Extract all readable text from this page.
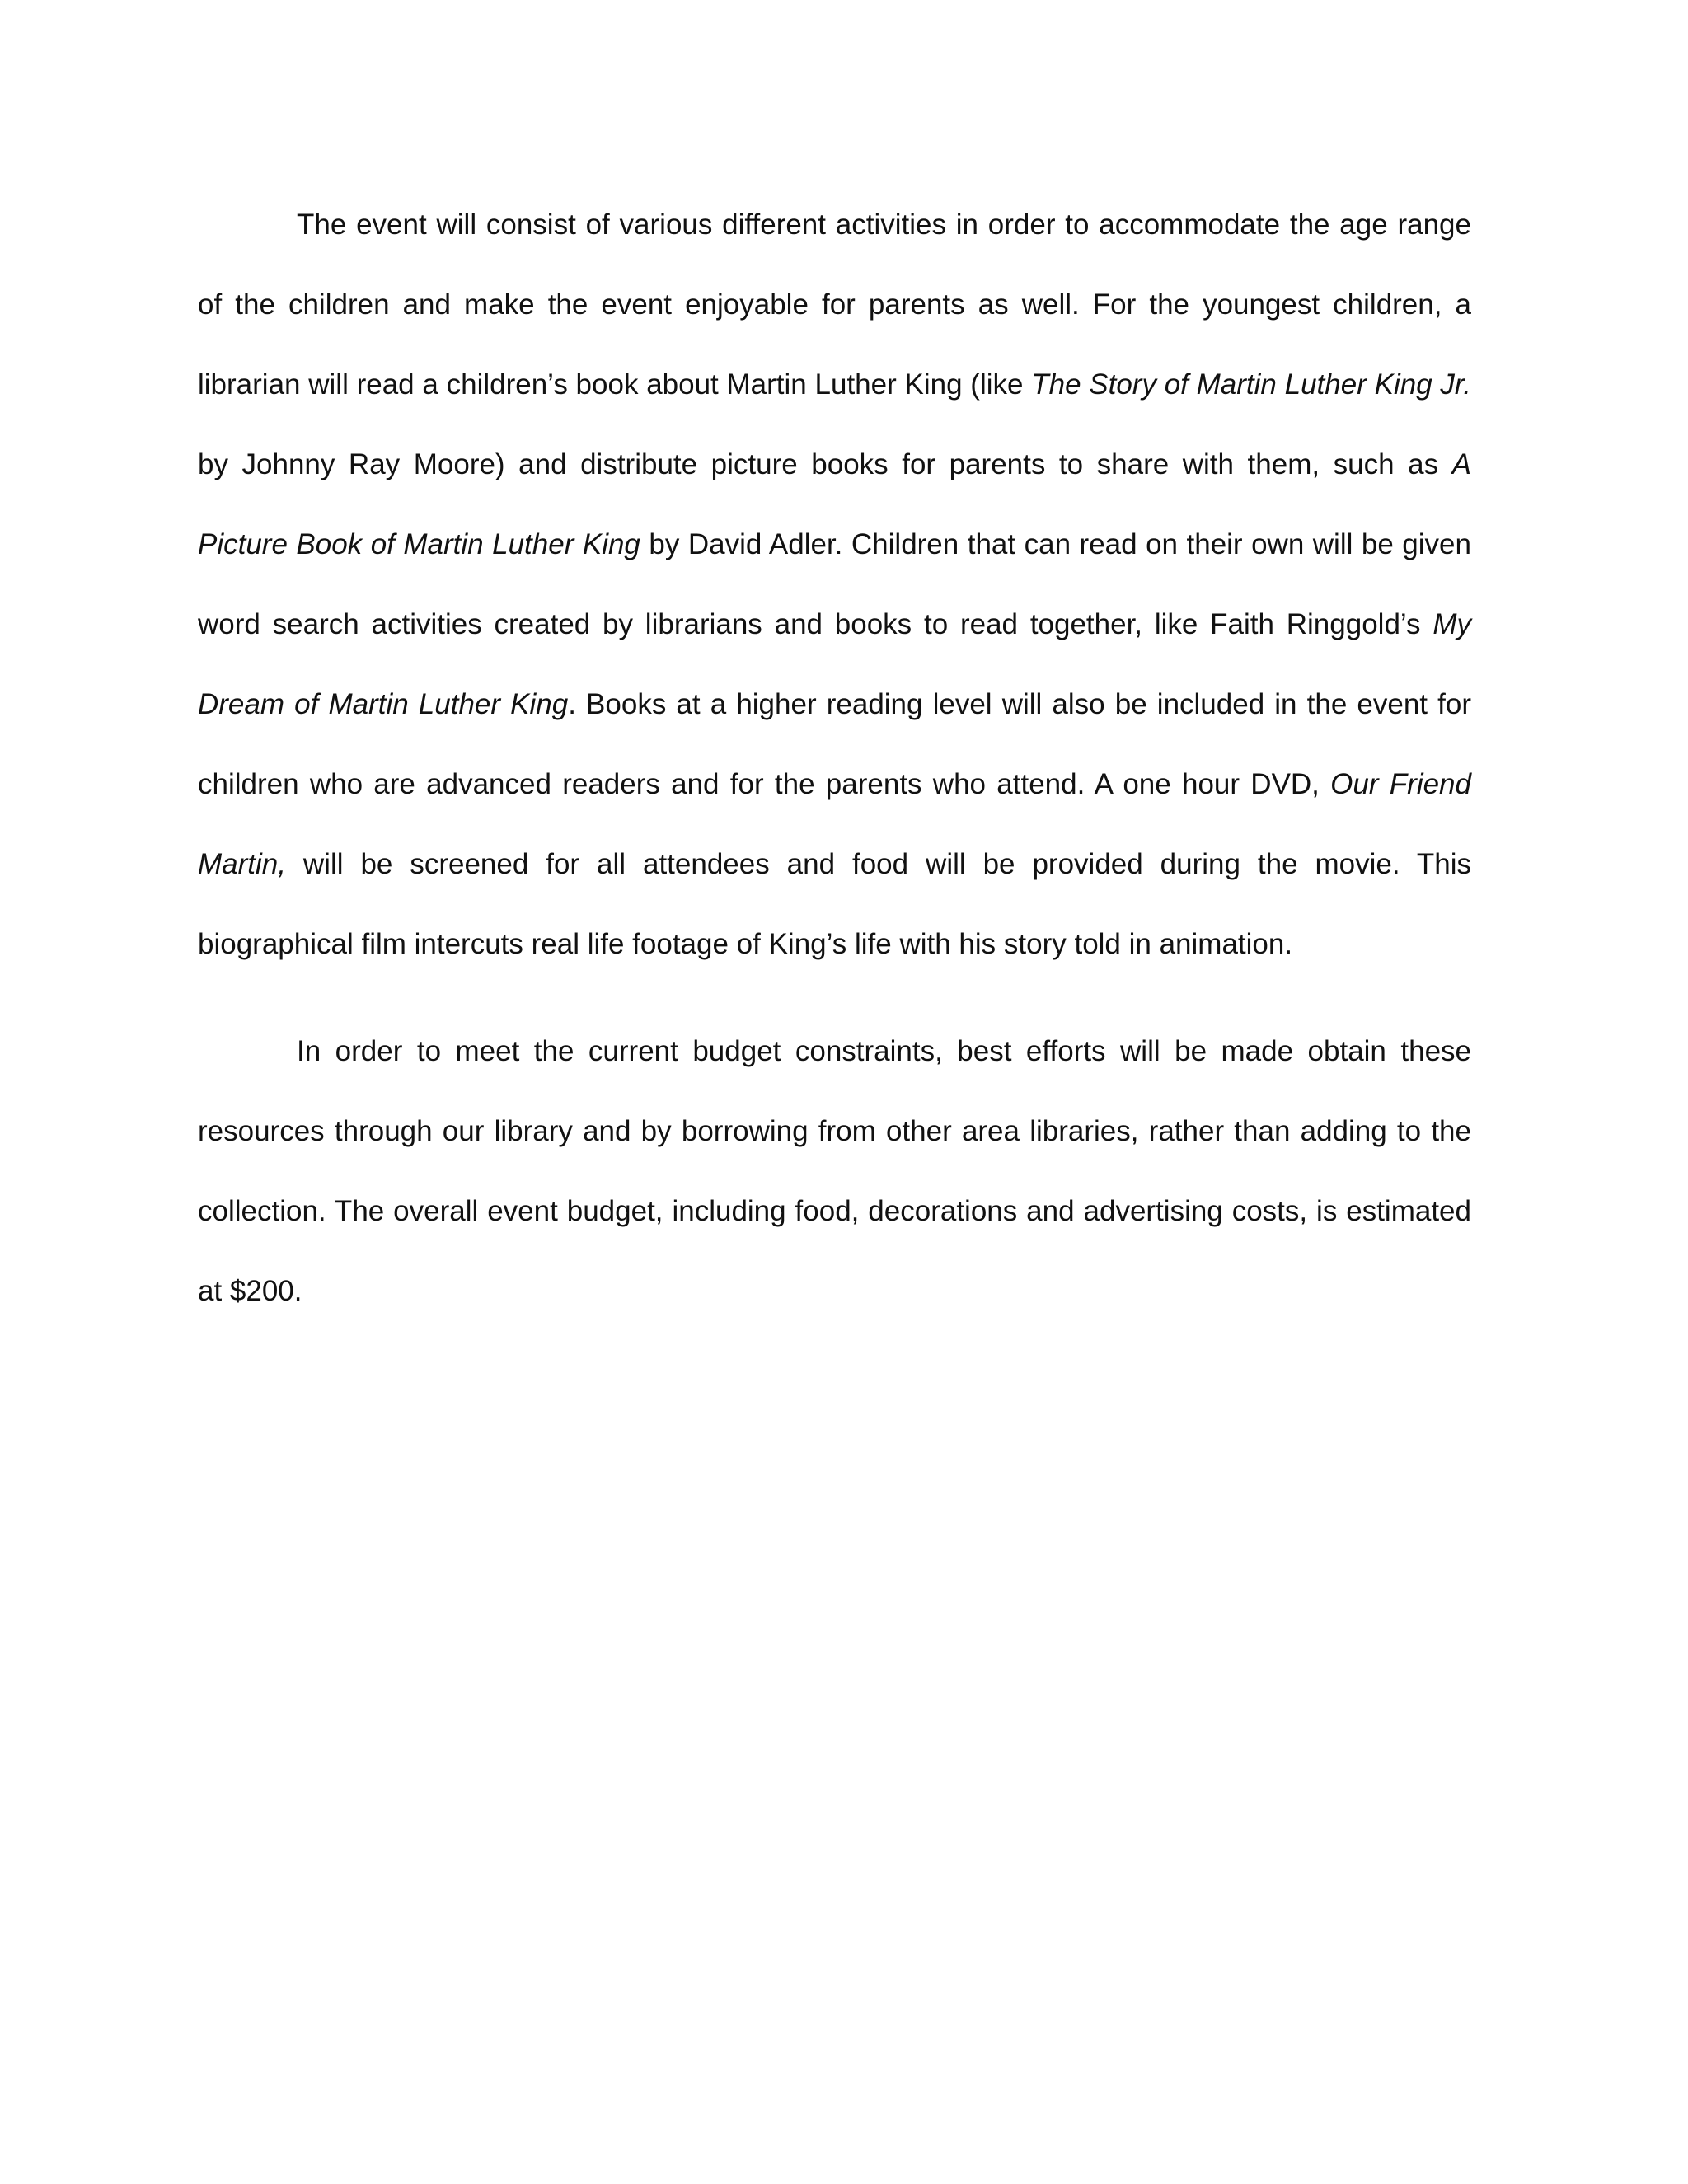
The event will consist of various different activities in order to accommodate the age range of the children and make the event enjoyable for parents as well. For the youngest children, a librarian will read a children’s book about Martin Luther King (like The Story of Martin Luther King Jr. by Johnny Ray Moore) and distribute picture books for parents to share with them, such as A Picture Book of Martin Luther King by David Adler. Children that can read on their own will be given word search activities created by librarians and books to read together, like Faith Ringgold’s My Dream of Martin Luther King. Books at a higher reading level will also be included in the event for children who are advanced readers and for the parents who attend. A one hour DVD, Our Friend Martin, will be screened for all attendees and food will be provided during the movie. This biographical film intercuts real life footage of King’s life with his story told in animation.

In order to meet the current budget constraints, best efforts will be made obtain these resources through our library and by borrowing from other area libraries, rather than adding to the collection. The overall event budget, including food, decorations and advertising costs, is estimated at $200.
